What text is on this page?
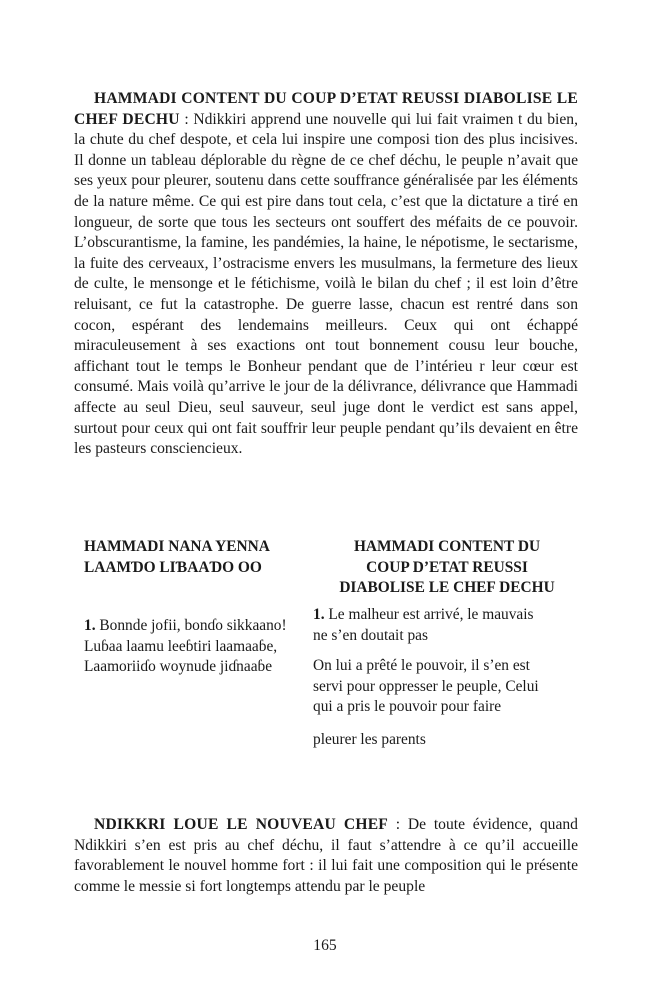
HAMMADI CONTENT DU COUP D’ETAT REUSSI DIABOLISE LE CHEF DECHU : Ndikkiri apprend une nouvelle qui lui fait vraimen t du bien, la chute du chef despote, et cela lui inspire une composi tion des plus incisives. Il donne un tableau déplorable du règne de ce chef déchu, le peuple n’avait que ses yeux pour pleurer, soutenu dans cette souffrance généralisée par les éléments de la nature même. Ce qui est pire dans tout cela, c’est que la dictature a tiré en longueur, de sorte que tous les secteurs ont souffert des méfaits de ce pouvoir. L’obscurantisme, la famine, les pandémies, la haine, le népotisme, le sectarisme, la fuite des cerveaux, l’ostracisme envers les musulmans, la fermeture des lieux de culte, le mensonge et le fétichisme, voilà le bilan du chef ; il est loin d’être reluisant, ce fut la catastrophe. De guerre lasse, chacun est rentré dans son cocon, espérant des lendemains meilleurs. Ceux qui ont échappé miraculeusement à ses exactions ont tout bonnement cousu leur bouche, affichant tout le temps le Bonheur pendant que de l’intérieu r leur cœur est consumé. Mais voilà qu’arrive le jour de la délivrance, délivrance que Hammadi affecte au seul Dieu, seul sauveur, seul juge dont le verdict est sans appel, surtout pour ceux qui ont fait souffrir leur peuple pendant qu’ils devaient en être les pasteurs consciencieux.

HAMMADI NANA YENNA
LAAMƊO LIƁAAƊO OO

HAMMADI CONTENT DU
COUP D’ETAT REUSSI
DIABOLISE LE CHEF DECHU

1. Bonnde jofii, bonɗo sikkaano!
Luɓaa laamu leeɓtiri laamaaɓe,
Laamoriiɗo woynude jiɗnaaɓe
1. Le malheur est arrivé, le mauvais
ne s’en doutait pas
On lui a prêté le pouvoir, il s’en est
servi pour oppresser le peuple, Celui
qui a pris le pouvoir pour faire
pleurer les parents

NDIKKRI LOUE LE NOUVEAU CHEF : De toute évidence, quand Ndikkiri s’en est pris au chef déchu, il faut s’attendre à ce qu’il accueille favorablement le nouvel homme fort : il lui fait une composition qui le présente comme le messie si fort longtemps attendu par le peuple

165
